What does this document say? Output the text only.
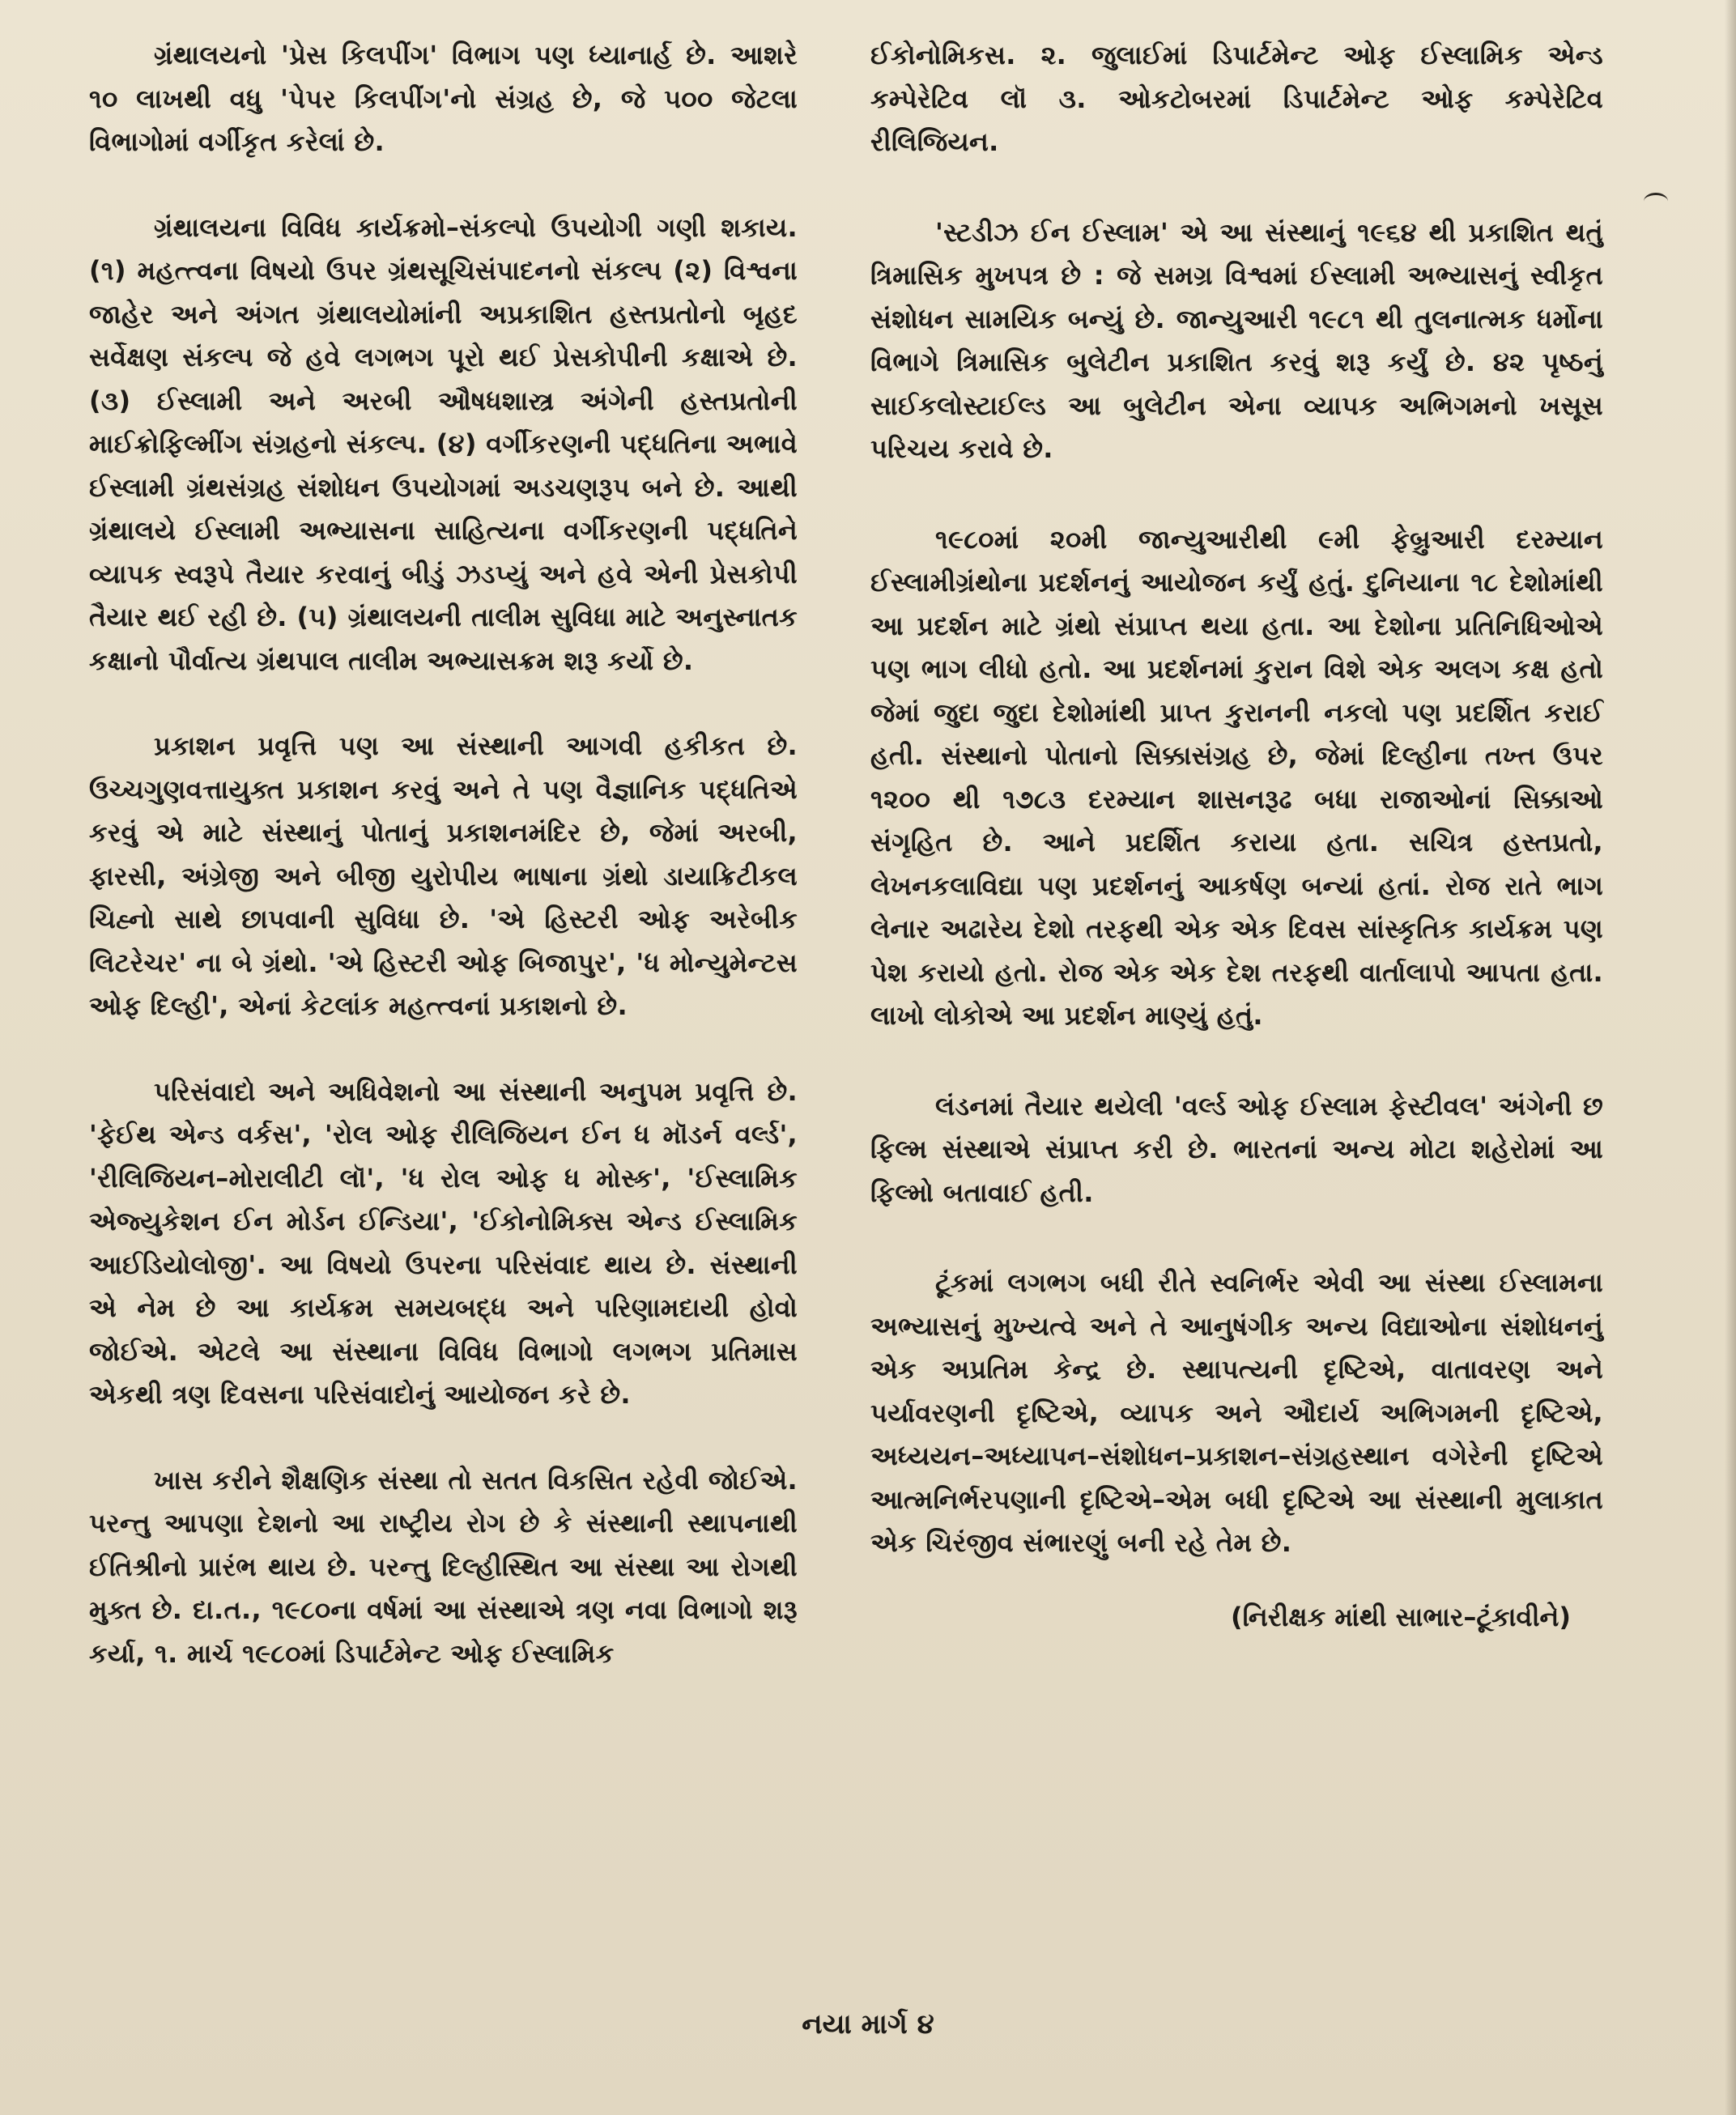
ગ્રંથાલયનો 'પ્રેસ કિલપીંગ' વિભાગ પણ ધ્યાનાર્હ છે. આશરે ૧૦ લાખથી વધુ 'પેપર કિલપીંગ'નો સંગ્રહ છે, જે ૫૦૦ જેટલા વિભાગોમાં વર્ગીકૃત કરેલાં છે.

ગ્રંથાલયના વિવિધ કાર્યક્રમો–સંકલ્પો ઉપયોગી ગણી શકાય. (૧) મહત્ત્વના વિષયો ઉપર ગ્રંથસૂચિસંપાદનનો સંકલ્પ (૨) વિશ્વના જાહેર અને અંગત ગ્રંથાલયોમાંની અપ્રકાશિત હસ્તપ્રતોનો બૃહદ સર્વેક્ષણ સંકલ્પ જે હવે લગભગ પૂરો થઈ પ્રેસકોપીની કક્ષાએ છે. (૩) ઈસ્લામી અને અરબી ઔષધશાસ્ત્ર અંગેની હસ્તપ્રતોની માઈક્રોફિલ્મીંગ સંગ્રહનો સંકલ્પ. (૪) વર્ગીકરણની પદ્ધતિના અભાવે ઈસ્લામી ગ્રંથસંગ્રહ સંશોધન ઉપયોગમાં અડચણરૂપ બને છે. આથી ગ્રંથાલયે ઈસ્લામી અભ્યાસના સાહિત્યના વર્ગીકરણની પદ્ધતિને વ્યાપક સ્વરૂપે તૈયાર કરવાનું બીડું ઝડપ્યું અને હવે એની પ્રેસકોપી તૈયાર થઈ રહી છે. (૫) ગ્રંથાલયની તાલીમ સુવિધા માટે અનુસ્નાતક કક્ષાનો પૌર્વાત્ય ગ્રંથપાલ તાલીમ અભ્યાસક્રમ શરૂ કર્યો છે.

પ્રકાશન પ્રવૃત્તિ પણ આ સંસ્થાની આગવી હકીકત છે. ઉચ્ચગુણવત્તાયુક્ત પ્રકાશન કરવું અને તે પણ વૈજ્ઞાનિક પદ્ધતિએ કરવું એ માટે સંસ્થાનું પોતાનું પ્રકાશનમંદિર છે, જેમાં અરબી, ફારસી, અંગ્રેજી અને બીજી યુરોપીય ભાષાના ગ્રંથો ડાયાક્રિટીકલ ચિહ્નો સાથે છાપવાની સુવિધા છે. 'એ હિસ્ટરી ઓફ અરેબીક લિટરેચર' ના બે ગ્રંથો. 'એ હિસ્ટરી ઓફ બિજાપુર', 'ધ મોન્યુમેન્ટસ ઓફ દિલ્હી', એનાં કેટલાંક મહત્ત્વનાં પ્રકાશનો છે.

પરિસંવાદો અને અધિવેશનો આ સંસ્થાની અનુપમ પ્રવૃત્તિ છે. 'ફેઈથ એન્ડ વર્કસ', 'રોલ ઓફ રીલિજિયન ઈન ધ મૉડર્ન વર્લ્ડ', 'રીલિજિયન–મોરાલીટી લૉ', 'ધ રોલ ઓફ ધ મોસ્ક', 'ઈસ્લામિક એજ્યુકેશન ઈન મોર્ડન ઈન્ડિયા', 'ઈકોનોમિક્સ એન્ડ ઈસ્લામિક આઈડિયોલોજી'. આ વિષયો ઉપરના પરિસંવાદ થાય છે. સંસ્થાની એ નેમ છે આ કાર્યક્રમ સમયબદ્ધ અને પરિણામદાયી હોવો જોઈએ. એટલે આ સંસ્થાના વિવિધ વિભાગો લગભગ પ્રતિમાસ એકથી ત્રણ દિવસના પરિસંવાદોનું આયોજન કરે છે.

ખાસ કરીને શૈક્ષણિક સંસ્થા તો સતત વિકસિત રહેવી જોઈએ. પરન્તુ આપણા દેશનો આ રાષ્ટ્રીય રોગ છે કે સંસ્થાની સ્થાપનાથી ઈતિશ્રીનો પ્રારંભ થાય છે. પરન્તુ દિલ્હીસ્થિત આ સંસ્થા આ રોગથી મુક્ત છે. દા.ત., ૧૯૮૦ના વર્ષમાં આ સંસ્થાએ ત્રણ નવા વિભાગો શરૂ કર્યા, ૧. માર્ચ ૧૯૮૦માં ડિપાર્ટમેન્ટ ઓફ ઈસ્લામિક

ઈકોનોમિકસ. ૨. જુલાઈમાં ડિપાર્ટમેન્ટ ઓફ ઈસ્લામિક એન્ડ કમ્પેરેટિવ લૉ ૩. ઓકટોબરમાં ડિપાર્ટમેન્ટ ઓફ કમ્પેરેટિવ રીલિજિયન.

'સ્ટડીઝ ઈન ઈસ્લામ' એ આ સંસ્થાનું ૧૯૬૪ થી પ્રકાશિત થતું ત્રિમાસિક મુખપત્ર છે : જે સમગ્ર વિશ્વમાં ઈસ્લામી અભ્યાસનું સ્વીકૃત સંશોધન સામયિક બન્યું છે. જાન્યુઆરી ૧૯૮૧ થી તુલનાત્મક ધર્મોના વિભાગે ત્રિમાસિક બુલેટીન પ્રકાશિત કરવું શરૂ કર્યું છે. ૪૨ પૃષ્ઠનું સાઈકલોસ્ટાઈલ્ડ આ બુલેટીન એના વ્યાપક અભિગમનો ખસૂસ પરિચય કરાવે છે.

૧૯૮૦માં ૨૦મી જાન્યુઆરીથી ૯મી ફેબ્રુઆરી દરમ્યાન ઈસ્લામીગ્રંથોના પ્રદર્શનનું આયોજન કર્યું હતું. દુનિયાના ૧૮ દેશોમાંથી આ પ્રદર્શન માટે ગ્રંથો સંપ્રાપ્ત થયા હતા. આ દેશોના પ્રતિનિધિઓએ પણ ભાગ લીધો હતો. આ પ્રદર્શનમાં કુરાન વિશે એક અલગ કક્ષ હતો જેમાં જુદા જુદા દેશોમાંથી પ્રાપ્ત કુરાનની નકલો પણ પ્રદર્શિત કરાઈ હતી. સંસ્થાનો પોતાનો સિક્કાસંગ્રહ છે, જેમાં દિલ્હીના તખ્ત ઉપર ૧૨૦૦ થી ૧૭૮૩ દરમ્યાન શાસનરૂઢ બધા રાજાઓનાં સિક્કાઓ સંગૃહિત છે. આને પ્રદર્શિત કરાયા હતા. સચિત્ર હસ્તપ્રતો, લેખનકલાવિદ્યા પણ પ્રદર્શનનું આકર્ષણ બન્યાં હતાં. રોજ રાતે ભાગ લેનાર અઢારેય દેશો તરફથી એક એક દિવસ સાંસ્કૃતિક કાર્યક્રમ પણ પેશ કરાયો હતો. રોજ એક એક દેશ તરફથી વાર્તાલાપો આપતા હતા. લાખો લોકોએ આ પ્રદર્શન માણ્યું હતું.

લંડનમાં તૈયાર થયેલી 'વર્લ્ડ ઓફ ઈસ્લામ ફેસ્ટીવલ' અંગેની છ ફિલ્મ સંસ્થાએ સંપ્રાપ્ત કરી છે. ભારતનાં અન્ય મોટા શહેરોમાં આ ફિલ્મો બતાવાઈ હતી.

ટૂંકમાં લગભગ બધી રીતે સ્વનિર્ભર એવી આ સંસ્થા ઈસ્લામના અભ્યાસનું મુખ્યત્વે અને તે આનુષંગીક અન્ય વિદ્યાઓના સંશોધનનું એક અપ્રતિમ કેન્દ્ર છે. સ્થાપત્યની દૃષ્ટિએ, વાતાવરણ અને પર્યાવરણની દૃષ્ટિએ, વ્યાપક અને ઔદાર્ય અભિગમની દૃષ્ટિએ, અધ્યયન–અધ્યાપન–સંશોધન–પ્રકાશન–સંગ્રહસ્થાન વગેરેની દૃષ્ટિએ આત્મનિર્ભરપણાની દૃષ્ટિએ–એમ બધી દૃષ્ટિએ આ સંસ્થાની મુલાકાત એક ચિરંજીવ સંભારણું બની રહે તેમ છે.

(નિરીક્ષક માંથી સાભાર–ટૂંકાવીને)

નયા માર્ગ ૪
